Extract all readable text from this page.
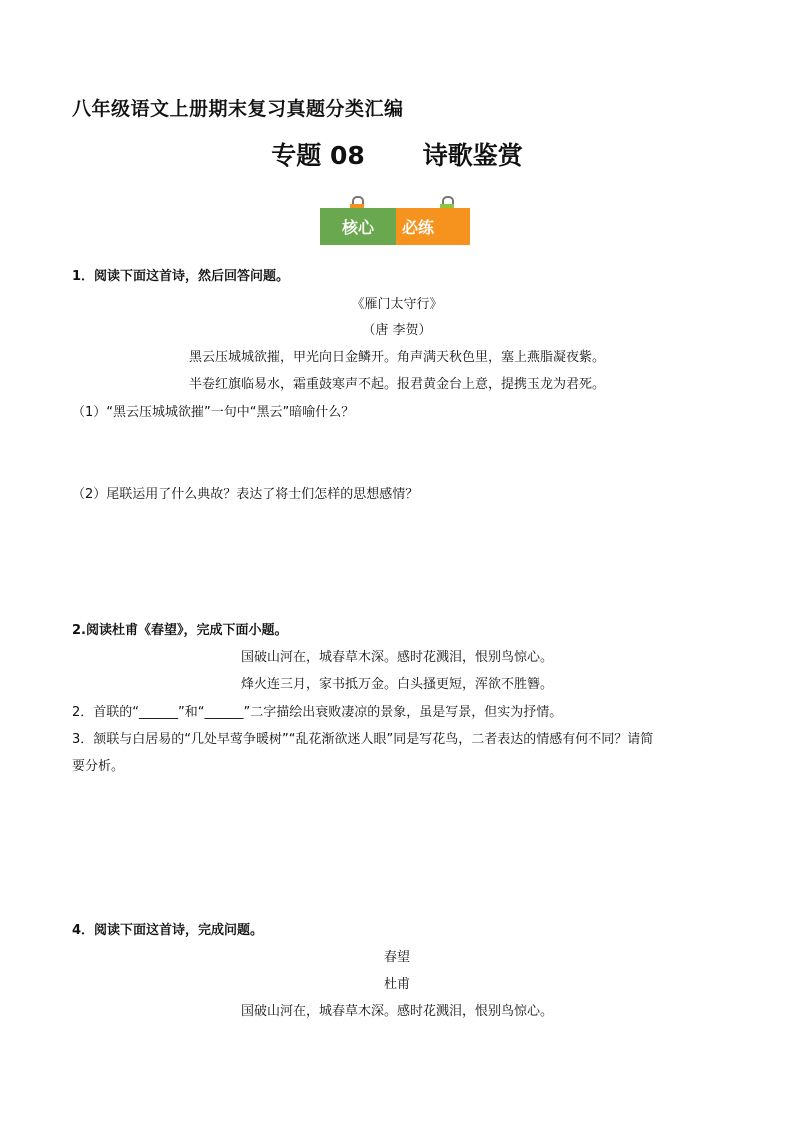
八年级语文上册期末复习真题分类汇编
专题 08 诗歌鉴赏
核心 必练
1．阅读下面这首诗，然后回答问题。
《雁门太守行》
（唐 李贺）
黑云压城城欲摧，甲光向日金鳞开。角声满天秋色里，塞上燕脂凝夜紫。
半卷红旗临易水，霜重鼓寒声不起。报君黄金台上意，提携玉龙为君死。
（1）“黑云压城城欲摧”一句中“黑云”暗喻什么？
（2）尾联运用了什么典故？表达了将士们怎样的思想感情？
2.阅读杜甫《春望》，完成下面小题。
国破山河在，城春草木深。感时花溅泪，恨别鸟惊心。
烽火连三月，家书抵万金。白头搔更短，浑欲不胜簪。
2．首联的“______”和“______”二字描绘出衰败凄凉的景象，虽是写景，但实为抒情。
3．颔联与白居易的“几处早莺争暖树”“乱花渐欲迷人眼”同是写花鸟，二者表达的情感有何不同？请简
要分析。
4．阅读下面这首诗，完成问题。
春望
杜甫
国破山河在，城春草木深。感时花溅泪，恨别鸟惊心。
